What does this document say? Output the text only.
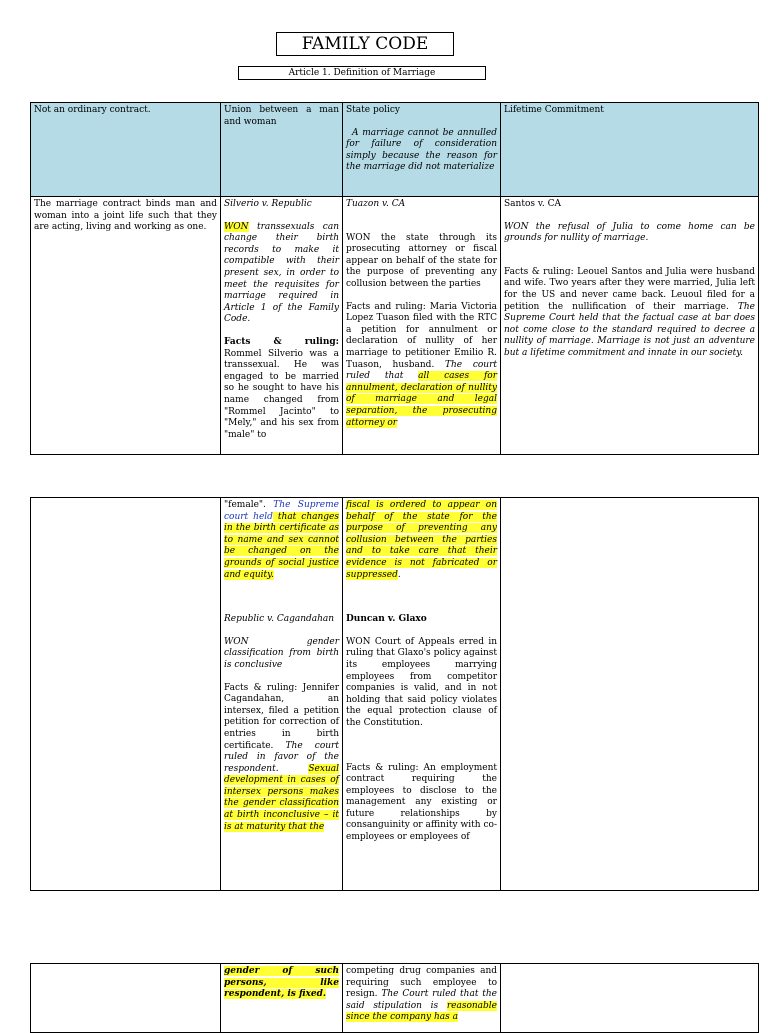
FAMILY CODE
Article 1. Definition of Marriage
Not an ordinary contract.	Union between a man and woman

State policy

A marriage cannot be annulled for failure of consideration simply because the reason for the marriage did not materialize

Lifetime Commitment
The marriage contract binds man and woman into a joint life such that they are acting, living and working as one.

Silverio v. Republic

WON transsexuals can change their birth records to make it compatible with their present sex, in order to meet the requisites for marriage required in Article 1 of the Family Code.

Facts & ruling: Rommel Silverio was a transsexual. He was engaged to be married so he sought to have his name changed from "Rommel Jacinto" to "Mely," and his sex from "male" to

Tuazon v. CA

WON the state through its prosecuting attorney or fiscal appear on behalf of the state for the purpose of preventing any collusion between the parties

Facts and ruling: Maria Victoria Lopez Tuason filed with the RTC a petition for annulment or declaration of nullity of her marriage to petitioner Emilio R. Tuason, husband. The court ruled that all cases for annulment, declaration of nullity of marriage and legal separation, the prosecuting attorney or

Santos v. CA

WON the refusal of Julia to come home can be grounds for nullity of marriage.

Facts & ruling: Leouel Santos and Julia were husband and wife. Two years after they were married, Julia left for the US and never came back. Leuoul filed for a petition the nullification of their marriage. The Supreme Court held that the factual case at bar does not come close to the standard required to decree a nullity of marriage. Marriage is not just an adventure but a lifetime commitment and innate in our society.

"female". The Supreme court held that changes in the birth certificate as to name and sex cannot be changed on the grounds of social justice and equity.

Republic v. Cagandahan

WON gender classification from birth is conclusive

Facts & ruling: Jennifer Cagandahan, an intersex, filed a petition petition for correction of entries in birth certificate. The court ruled in favor of the respondent. Sexual development in cases of intersex persons makes the gender classification at birth inconclusive – it is at maturity that the

fiscal is ordered to appear on behalf of the state for the purpose of preventing any collusion between the parties and to take care that their evidence is not fabricated or suppressed.

Duncan v. Glaxo

WON Court of Appeals erred in ruling that Glaxo's policy against its employees marrying employees from competitor companies is valid, and in not holding that said policy violates the equal protection clause of the Constitution.

Facts & ruling: An employment contract requiring the employees to disclose to the management any existing or future relationships by consanguinity or affinity with co-employees or employees of

gender of such persons, like respondent, is fixed.

competing drug companies and requiring such employee to resign. The Court ruled that the said stipulation is reasonable since the company has a
